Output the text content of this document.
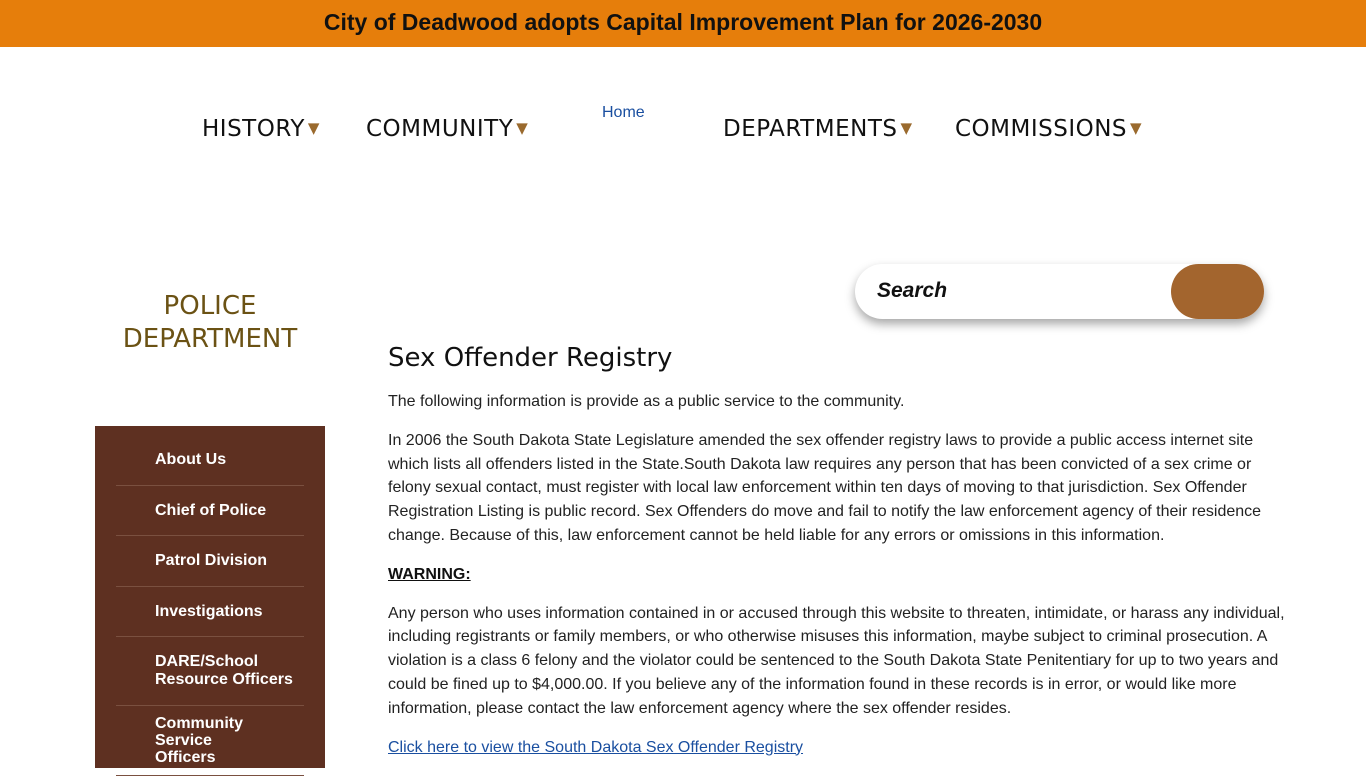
City of Deadwood adopts Capital Improvement Plan for 2026-2030
HISTORY ▼ COMMUNITY ▼
Home
DEPARTMENTS ▼ COMMISSIONS ▼
Search
POLICE
DEPARTMENT
About Us
Chief of Police
Patrol Division
Investigations
DARE/School Resource Officers
Community Service Officers
Sex Offender Registry

The following information is provide as a public service to the community.

In 2006 the South Dakota State Legislature amended the sex offender registry laws to provide a public access internet site which lists all offenders listed in the State.South Dakota law requires any person that has been convicted of a sex crime or felony sexual contact, must register with local law enforcement within ten days of moving to that jurisdiction. Sex Offender Registration Listing is public record. Sex Offenders do move and fail to notify the law enforcement agency of their residence change. Because of this, law enforcement cannot be held liable for any errors or omissions in this information.

WARNING:

Any person who uses information contained in or accused through this website to threaten, intimidate, or harass any individual, including registrants or family members, or who otherwise misuses this information, maybe subject to criminal prosecution. A violation is a class 6 felony and the violator could be sentenced to the South Dakota State Penitentiary for up to two years and could be fined up to $4,000.00. If you believe any of the information found in these records is in error, or would like more information, please contact the law enforcement agency where the sex offender resides.

Click here to view the South Dakota Sex Offender Registry
